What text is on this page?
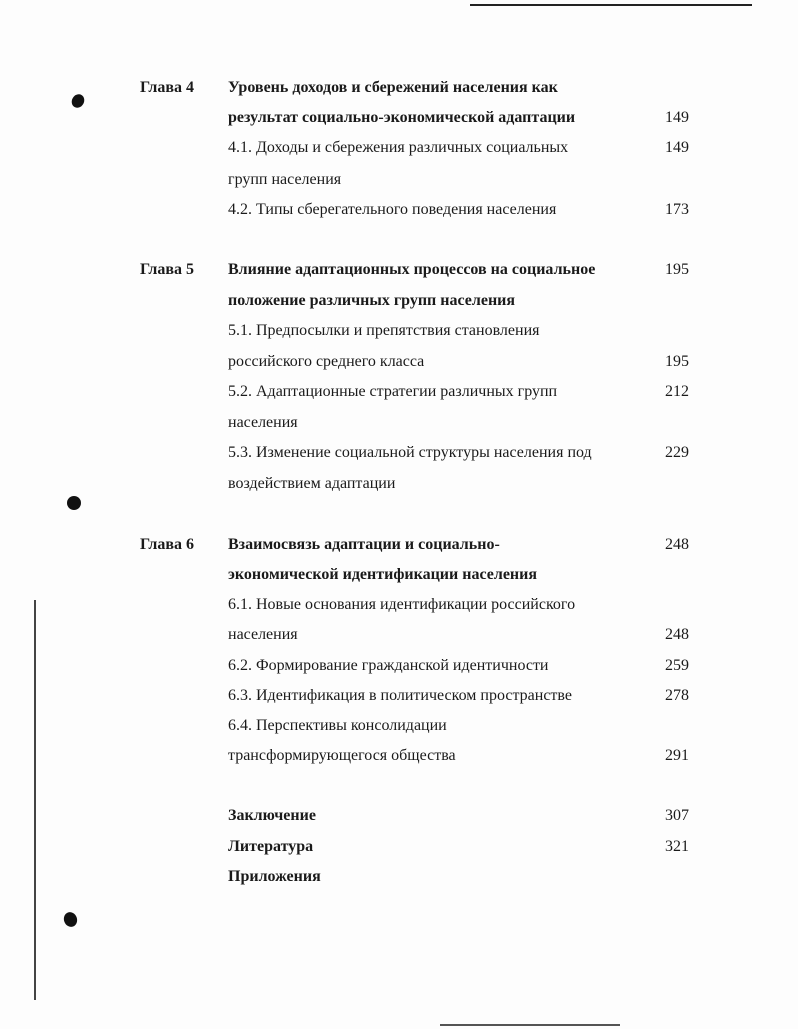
Глава 4 Уровень доходов и сбережений населения как
результат социально-экономической адаптации	149
4.1. Доходы и сбережения различных социальных	149
групп населения
4.2. Типы сберегательного поведения населения	173
Глава 5 Влияние адаптационных процессов на социальное	195
положение различных групп населения
5.1. Предпосылки и препятствия становления
российского среднего класса	195
5.2. Адаптационные стратегии различных групп	212
населения
5.3. Изменение социальной структуры населения под	229
воздействием адаптации
Глава 6 Взаимосвязь адаптации и социально-	248
экономической идентификации населения
6.1. Новые основания идентификации российского
населения	248
6.2. Формирование гражданской идентичности	259
6.3. Идентификация в политическом пространстве	278
6.4. Перспективы консолидации
трансформирующегося общества	291
Заключение	307
Литература	321
Приложения
